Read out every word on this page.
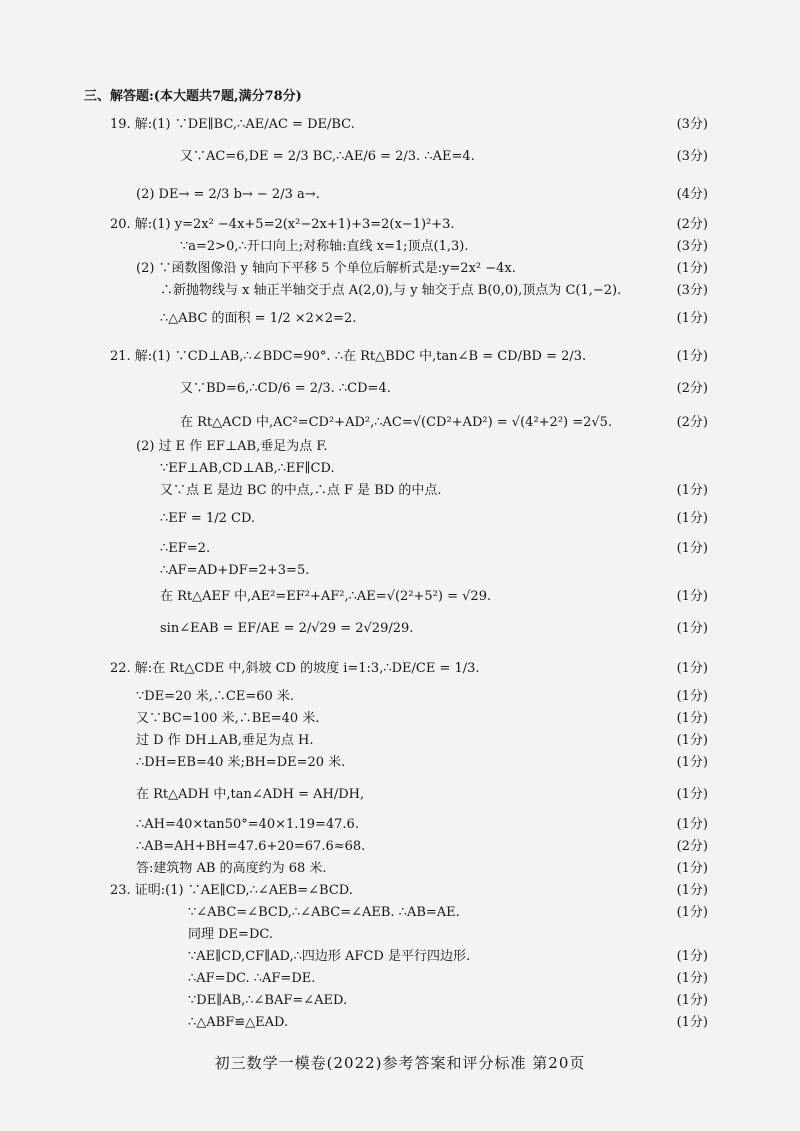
三、解答题:(本大题共7题,满分78分)
19. 解:(1) ∵DE∥BC,∴AE/AC = DE/BC.	(3分)
又∵AC=6,DE = 2/3 BC,∴AE/6 = 2/3. ∴AE=4.	(3分)
(2) DE→ = 2/3 b→ − 2/3 a→.	(4分)
20. 解:(1) y=2x² −4x+5=2(x²−2x+1)+3=2(x−1)²+3.	(2分)
∵a=2>0,∴开口向上;对称轴:直线 x=1;顶点(1,3).	(3分)
(2) ∵函数图像沿 y 轴向下平移 5 个单位后解析式是:y=2x² −4x.	(1分)
∴新抛物线与 x 轴正半轴交于点 A(2,0),与 y 轴交于点 B(0,0),顶点为 C(1,−2).	(3分)
∴△ABC 的面积 = 1/2 ×2×2=2.	(1分)
21. 解:(1) ∵CD⊥AB,∴∠BDC=90°. ∴在 Rt△BDC 中,tan∠B = CD/BD = 2/3.	(1分)
又∵BD=6,∴CD/6 = 2/3. ∴CD=4.	(2分)
在 Rt△ACD 中,AC²=CD²+AD²,∴AC=√(CD²+AD²) = √(4²+2²) =2√5.	(2分)
(2) 过 E 作 EF⊥AB,垂足为点 F.
∵EF⊥AB,CD⊥AB,∴EF∥CD.
又∵点 E 是边 BC 的中点,∴点 F 是 BD 的中点.	(1分)
∴EF = 1/2 CD.	(1分)
∴EF=2.	(1分)
∴AF=AD+DF=2+3=5.
在 Rt△AEF 中,AE²=EF²+AF²,∴AE=√(2²+5²) = √29.	(1分)
sin∠EAB = EF/AE = 2/√29 = 2√29/29.	(1分)
22. 解:在 Rt△CDE 中,斜坡 CD 的坡度 i=1:3,∴DE/CE = 1/3.	(1分)
∵DE=20 米,∴CE=60 米.	(1分)
又∵BC=100 米,∴BE=40 米.	(1分)
过 D 作 DH⊥AB,垂足为点 H.	(1分)
∴DH=EB=40 米;BH=DE=20 米.	(1分)
在 Rt△ADH 中,tan∠ADH = AH/DH,	(1分)
∴AH=40×tan50°=40×1.19=47.6.	(1分)
∴AB=AH+BH=47.6+20=67.6≈68.	(2分)
答:建筑物 AB 的高度约为 68 米.	(1分)
23. 证明:(1) ∵AE∥CD,∴∠AEB=∠BCD.	(1分)
∵∠ABC=∠BCD,∴∠ABC=∠AEB. ∴AB=AE.	(1分)
同理 DE=DC.
∵AE∥CD,CF∥AD,∴四边形 AFCD 是平行四边形.	(1分)
∴AF=DC. ∴AF=DE.	(1分)
∵DE∥AB,∴∠BAF=∠AED.	(1分)
∴△ABF≌△EAD.	(1分)
初三数学一模卷(2022)参考答案和评分标准 第20页
